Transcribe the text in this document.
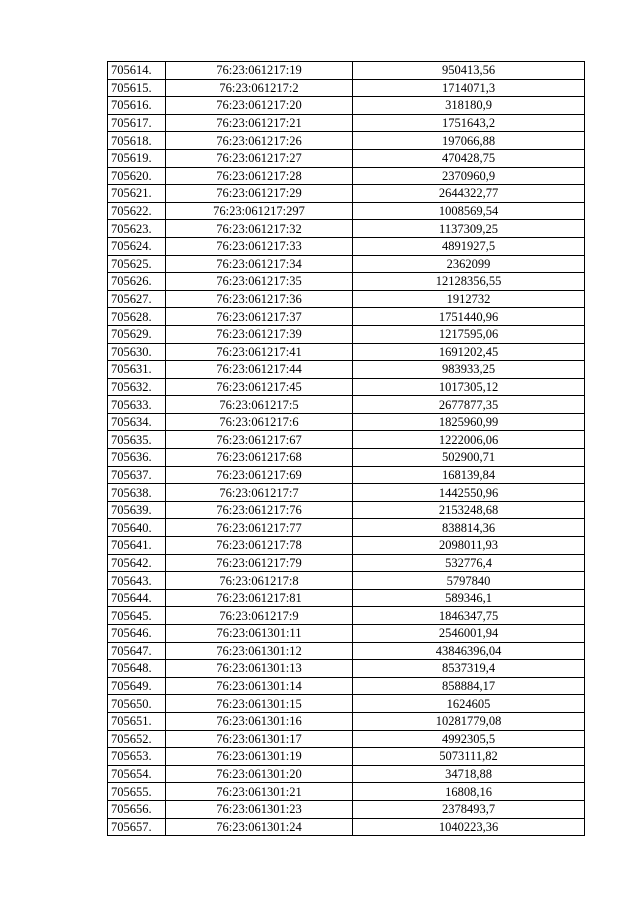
705614.	76:23:061217:19	950413,56
705615.	76:23:061217:2	1714071,3
705616.	76:23:061217:20	318180,9
705617.	76:23:061217:21	1751643,2
705618.	76:23:061217:26	197066,88
705619.	76:23:061217:27	470428,75
705620.	76:23:061217:28	2370960,9
705621.	76:23:061217:29	2644322,77
705622.	76:23:061217:297	1008569,54
705623.	76:23:061217:32	1137309,25
705624.	76:23:061217:33	4891927,5
705625.	76:23:061217:34	2362099
705626.	76:23:061217:35	12128356,55
705627.	76:23:061217:36	1912732
705628.	76:23:061217:37	1751440,96
705629.	76:23:061217:39	1217595,06
705630.	76:23:061217:41	1691202,45
705631.	76:23:061217:44	983933,25
705632.	76:23:061217:45	1017305,12
705633.	76:23:061217:5	2677877,35
705634.	76:23:061217:6	1825960,99
705635.	76:23:061217:67	1222006,06
705636.	76:23:061217:68	502900,71
705637.	76:23:061217:69	168139,84
705638.	76:23:061217:7	1442550,96
705639.	76:23:061217:76	2153248,68
705640.	76:23:061217:77	838814,36
705641.	76:23:061217:78	2098011,93
705642.	76:23:061217:79	532776,4
705643.	76:23:061217:8	5797840
705644.	76:23:061217:81	589346,1
705645.	76:23:061217:9	1846347,75
705646.	76:23:061301:11	2546001,94
705647.	76:23:061301:12	43846396,04
705648.	76:23:061301:13	8537319,4
705649.	76:23:061301:14	858884,17
705650.	76:23:061301:15	1624605
705651.	76:23:061301:16	10281779,08
705652.	76:23:061301:17	4992305,5
705653.	76:23:061301:19	5073111,82
705654.	76:23:061301:20	34718,88
705655.	76:23:061301:21	16808,16
705656.	76:23:061301:23	2378493,7
705657.	76:23:061301:24	1040223,36
